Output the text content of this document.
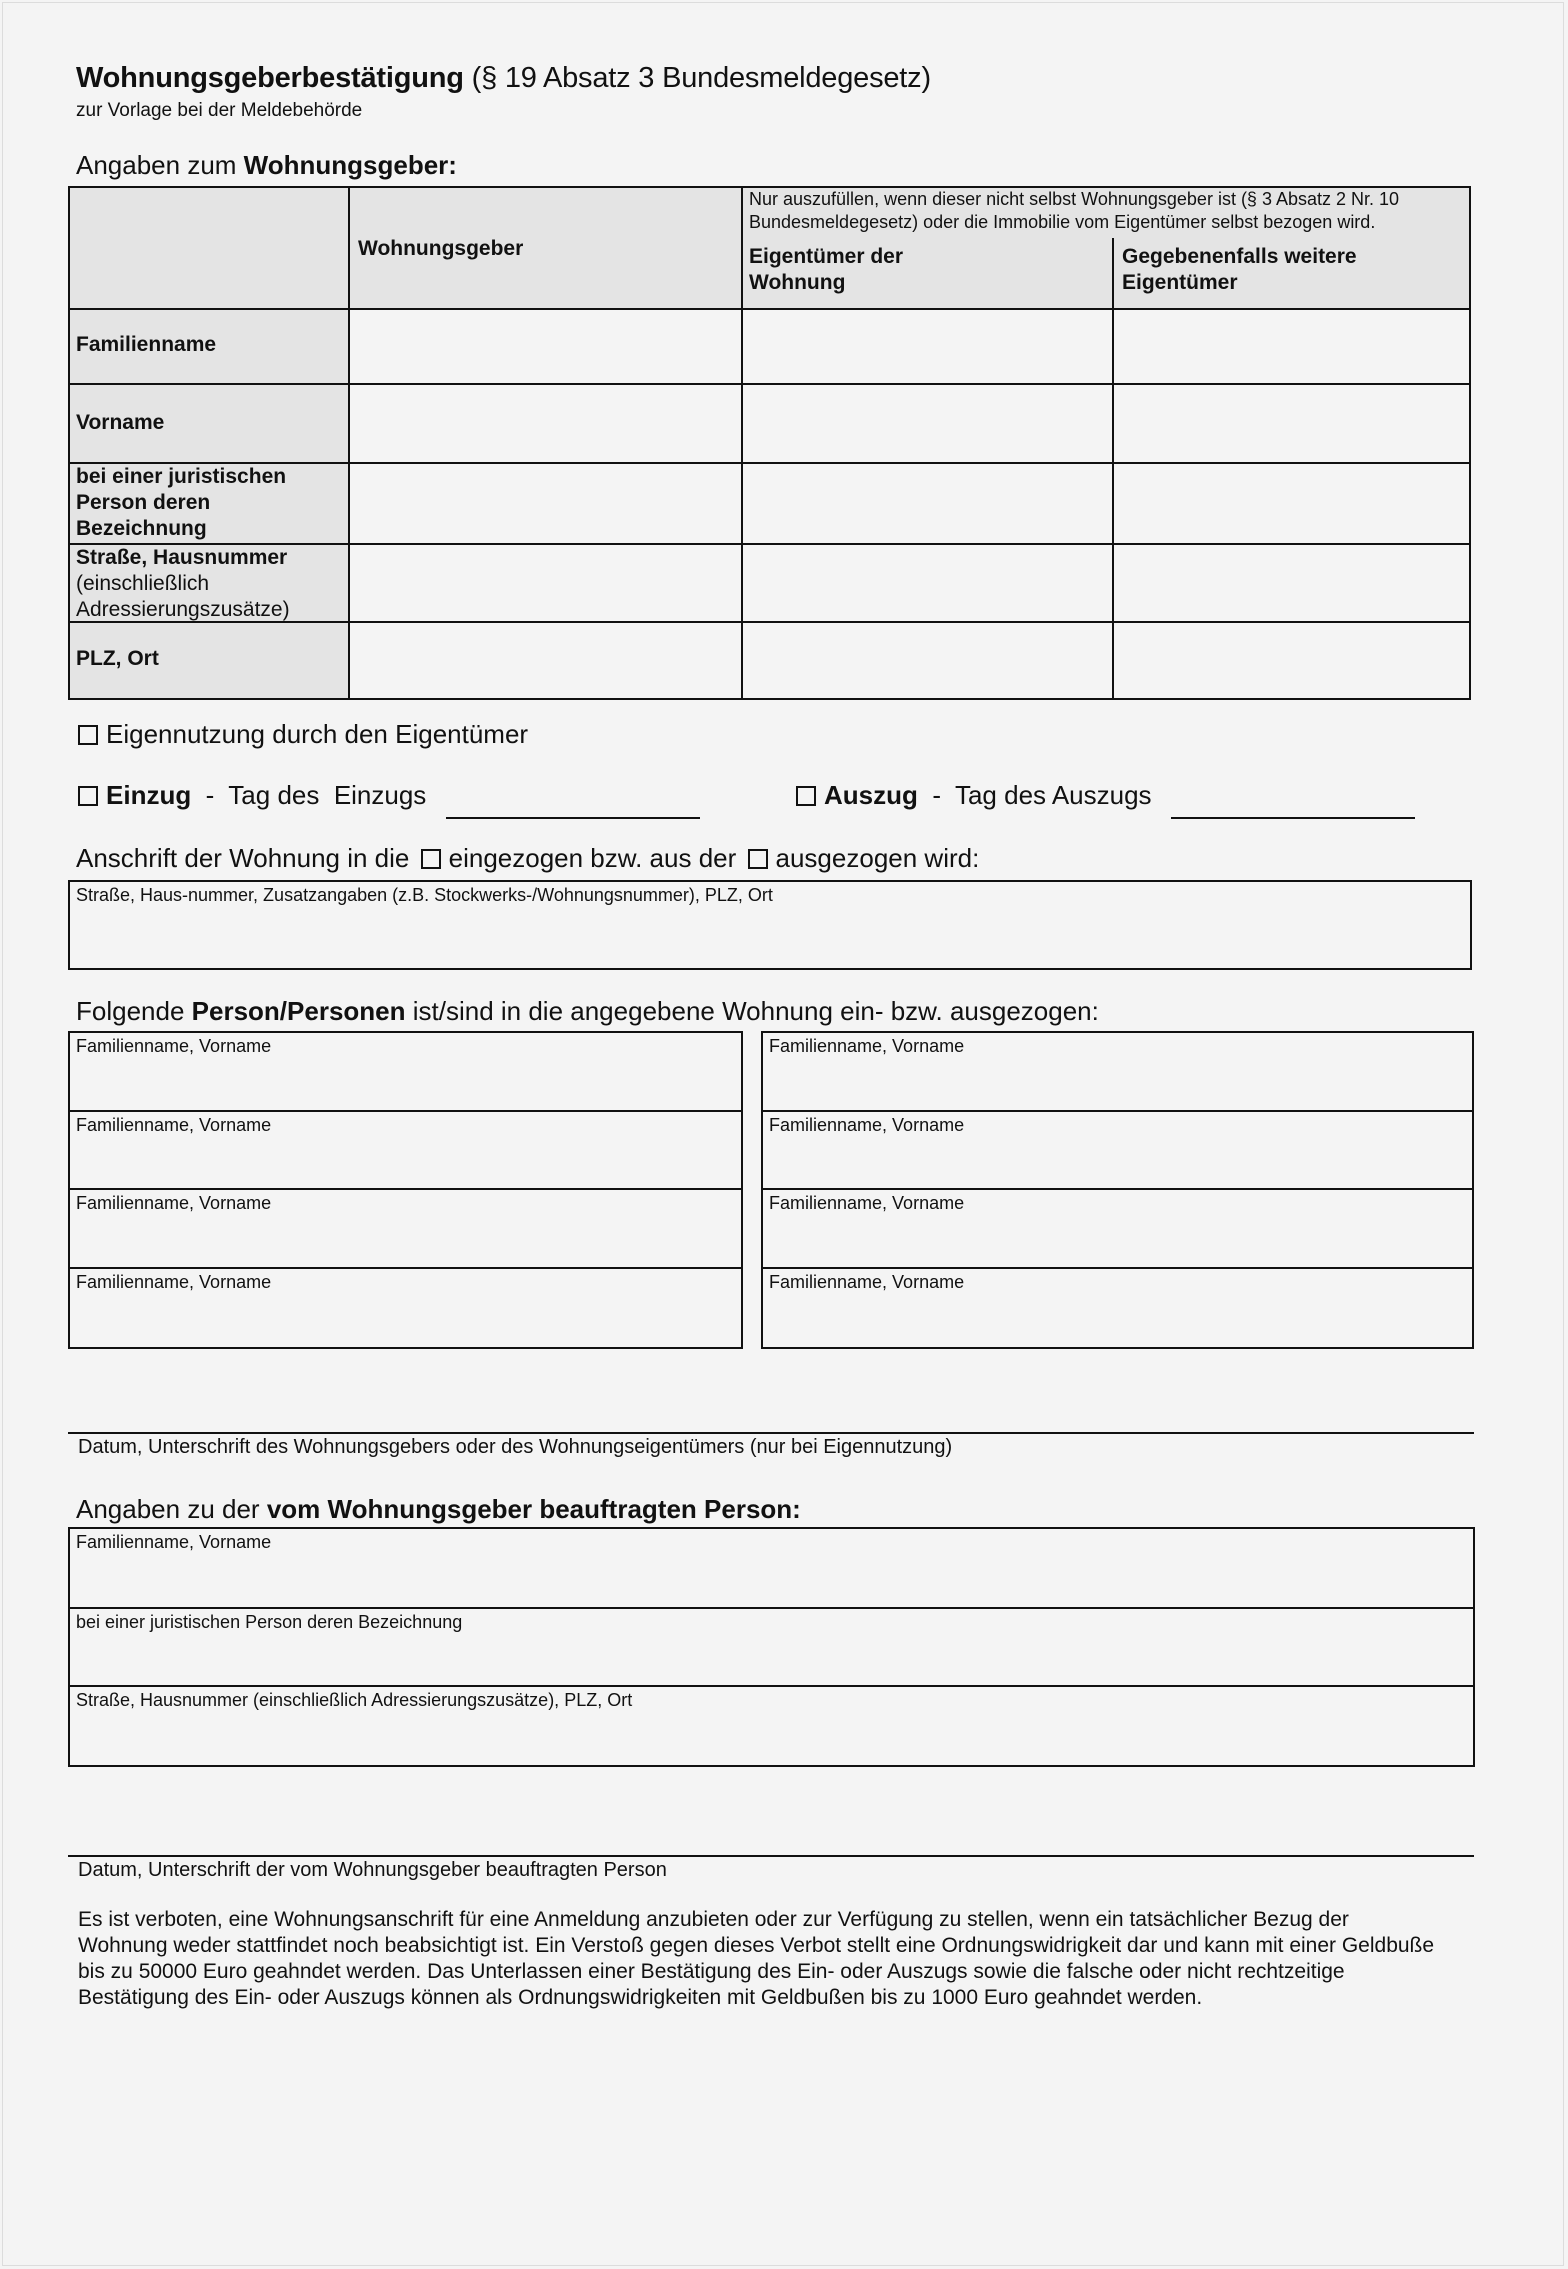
Wohnungsgeberbestätigung (§ 19 Absatz 3 Bundesmeldegesetz)
zur Vorlage bei der Meldebehörde
Angaben zum Wohnungsgeber:
Wohnungsgeber
Nur auszufüllen, wenn dieser nicht selbst Wohnungsgeber ist (§ 3 Absatz 2 Nr. 10 Bundesmeldegesetz) oder die Immobilie vom Eigentümer selbst bezogen wird.
Eigentümer der
Wohnung
Gegebenenfalls weitere
Eigentümer
Familienname
Vorname
bei einer juristischen
Person deren
Bezeichnung
Straße, Hausnummer
(einschließlich
Adressierungszusätze)
PLZ, Ort
Eigennutzung durch den Eigentümer
Einzug  -  Tag des  Einzugs	Auszug  -  Tag des Auszugs
Anschrift der Wohnung in die eingezogen bzw. aus der ausgezogen wird:
Straße, Haus-nummer, Zusatzangaben (z.B. Stockwerks-/Wohnungsnummer), PLZ, Ort
Folgende Person/Personen ist/sind in die angegebene Wohnung ein- bzw. ausgezogen:
Familienname, Vorname
Familienname, Vorname
Familienname, Vorname
Familienname, Vorname
Familienname, Vorname
Familienname, Vorname
Familienname, Vorname
Familienname, Vorname
Datum, Unterschrift des Wohnungsgebers oder des Wohnungseigentümers (nur bei Eigennutzung)
Angaben zu der vom Wohnungsgeber beauftragten Person:
Familienname, Vorname
bei einer juristischen Person deren Bezeichnung
Straße, Hausnummer (einschließlich Adressierungszusätze), PLZ, Ort
Datum, Unterschrift der vom Wohnungsgeber beauftragten Person
Es ist verboten, eine Wohnungsanschrift für eine Anmeldung anzubieten oder zur Verfügung zu stellen, wenn ein tatsächlicher Bezug der Wohnung weder stattfindet noch beabsichtigt ist. Ein Verstoß gegen dieses Verbot stellt eine Ordnungswidrigkeit dar und kann mit einer Geldbuße bis zu 50000 Euro geahndet werden. Das Unterlassen einer Bestätigung des Ein- oder Auszugs sowie die falsche oder nicht rechtzeitige Bestätigung des Ein- oder Auszugs können als Ordnungswidrigkeiten mit Geldbußen bis zu 1000 Euro geahndet werden.
